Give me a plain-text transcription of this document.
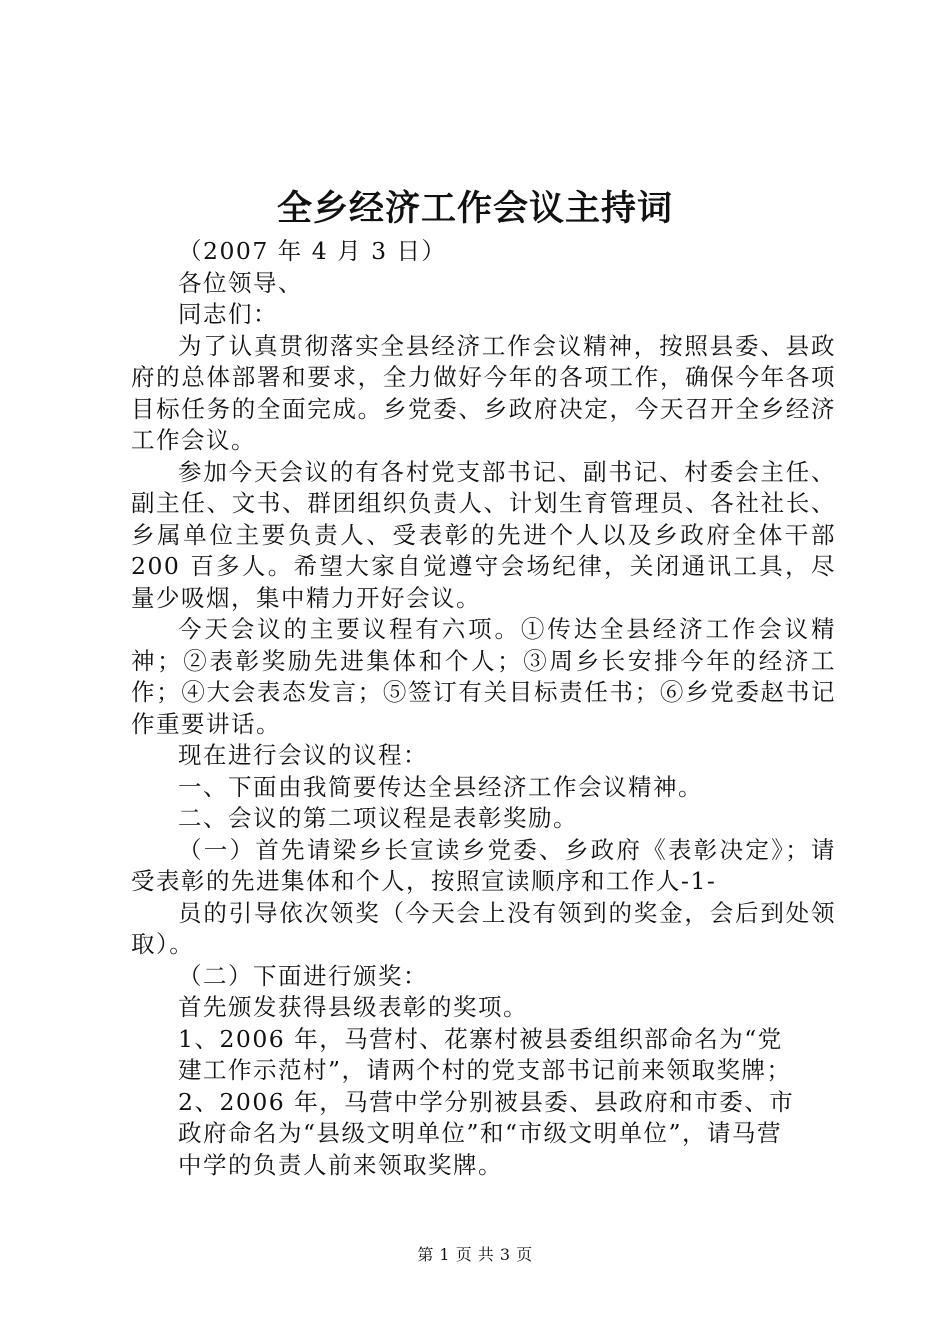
全乡经济工作会议主持词

（2007 年 4 月 3 日）

各位领导、

同志们：

为了认真贯彻落实全县经济工作会议精神，按照县委、县政府的总体部署和要求，全力做好今年的各项工作，确保今年各项目标任务的全面完成。乡党委、乡政府决定，今天召开全乡经济工作会议。

参加今天会议的有各村党支部书记、副书记、村委会主任、副主任、文书、群团组织负责人、计划生育管理员、各社社长、乡属单位主要负责人、受表彰的先进个人以及乡政府全体干部200 百多人。希望大家自觉遵守会场纪律，关闭通讯工具，尽量少吸烟，集中精力开好会议。

今天会议的主要议程有六项。①传达全县经济工作会议精神；②表彰奖励先进集体和个人；③周乡长安排今年的经济工作；④大会表态发言；⑤签订有关目标责任书；⑥乡党委赵书记作重要讲话。

现在进行会议的议程：

一、下面由我简要传达全县经济工作会议精神。

二、会议的第二项议程是表彰奖励。

（一）首先请梁乡长宣读乡党委、乡政府《表彰决定》；请受表彰的先进集体和个人，按照宣读顺序和工作人-1-

员的引导依次领奖（今天会上没有领到的奖金，会后到处领取）。

（二）下面进行颁奖：

首先颁发获得县级表彰的奖项。

1、2006 年，马营村、花寨村被县委组织部命名为“党

建工作示范村”，请两个村的党支部书记前来领取奖牌；

2、2006 年，马营中学分别被县委、县政府和市委、市

政府命名为“县级文明单位”和“市级文明单位”，请马营

中学的负责人前来领取奖牌。

第 1 页 共 3 页
